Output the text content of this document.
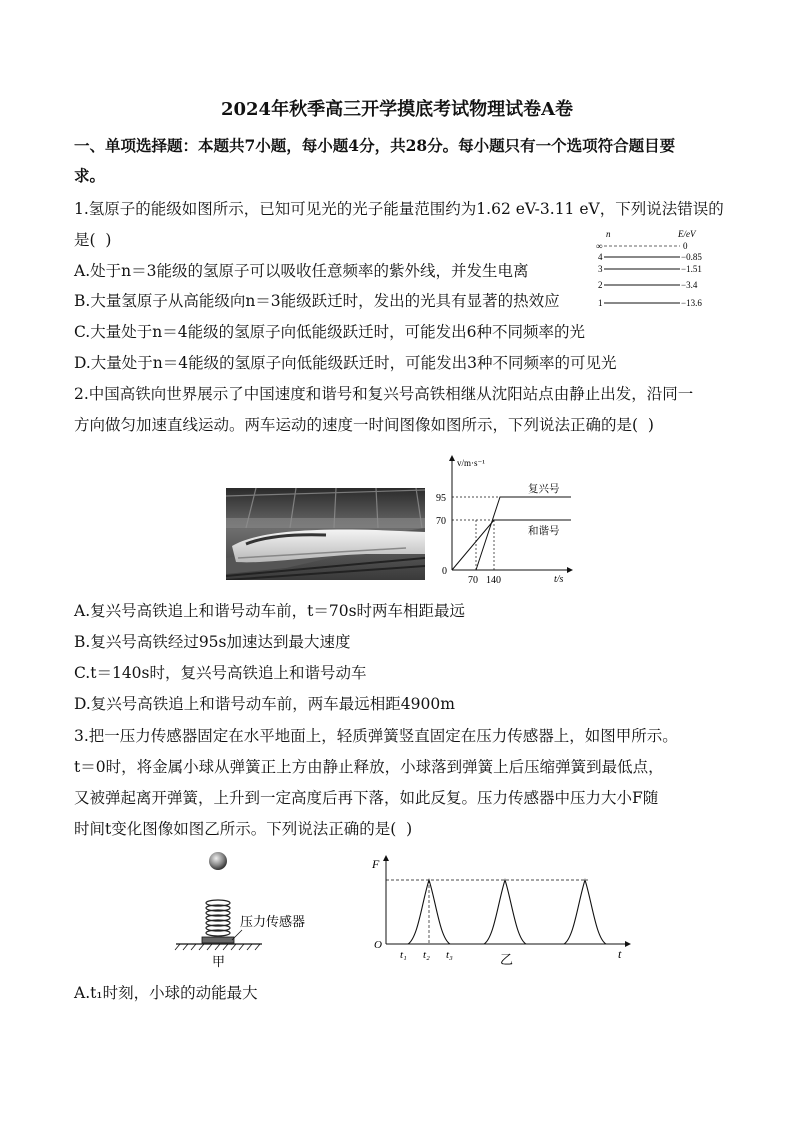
2024年秋季高三开学摸底考试物理试卷A卷
一、单项选择题：本题共7小题，每小题4分，共28分。每小题只有一个选项符合题目要
求。
1.氢原子的能级如图所示，已知可见光的光子能量范围约为1.62 eV-3.11 eV，下列说法错误的
是(  )
A.处于n＝3能级的氢原子可以吸收任意频率的紫外线，并发生电离
B.大量氢原子从高能级向n＝3能级跃迁时，发出的光具有显著的热效应
C.大量处于n＝4能级的氢原子向低能级跃迁时，可能发出6种不同频率的光
D.大量处于n＝4能级的氢原子向低能级跃迁时，可能发出3种不同频率的可见光
n	E/eV
∞	0
4	−0.85
3	−1.51
2	−3.4
1	−13.6
2.中国高铁向世界展示了中国速度和谐号和复兴号高铁相继从沈阳站点由静止出发，沿同一
方向做匀加速直线运动。两车运动的速度一时间图像如图所示，下列说法正确的是(  )
v/m·s⁻¹
t/s
0
95
70
70 140
复兴号
和谐号
A.复兴号高铁追上和谐号动车前，t＝70s时两车相距最远
B.复兴号高铁经过95s加速达到最大速度
C.t＝140s时，复兴号高铁追上和谐号动车
D.复兴号高铁追上和谐号动车前，两车最远相距4900m
3.把一压力传感器固定在水平地面上，轻质弹簧竖直固定在压力传感器上，如图甲所示。
t＝0时，将金属小球从弹簧正上方由静止释放，小球落到弹簧上后压缩弹簧到最低点，
又被弹起离开弹簧，上升到一定高度后再下落，如此反复。压力传感器中压力大小F随
时间t变化图像如图乙所示。下列说法正确的是(  )
压力传感器
甲
F
t
O
t₁ t₂ t₃	乙
A.t₁时刻，小球的动能最大
